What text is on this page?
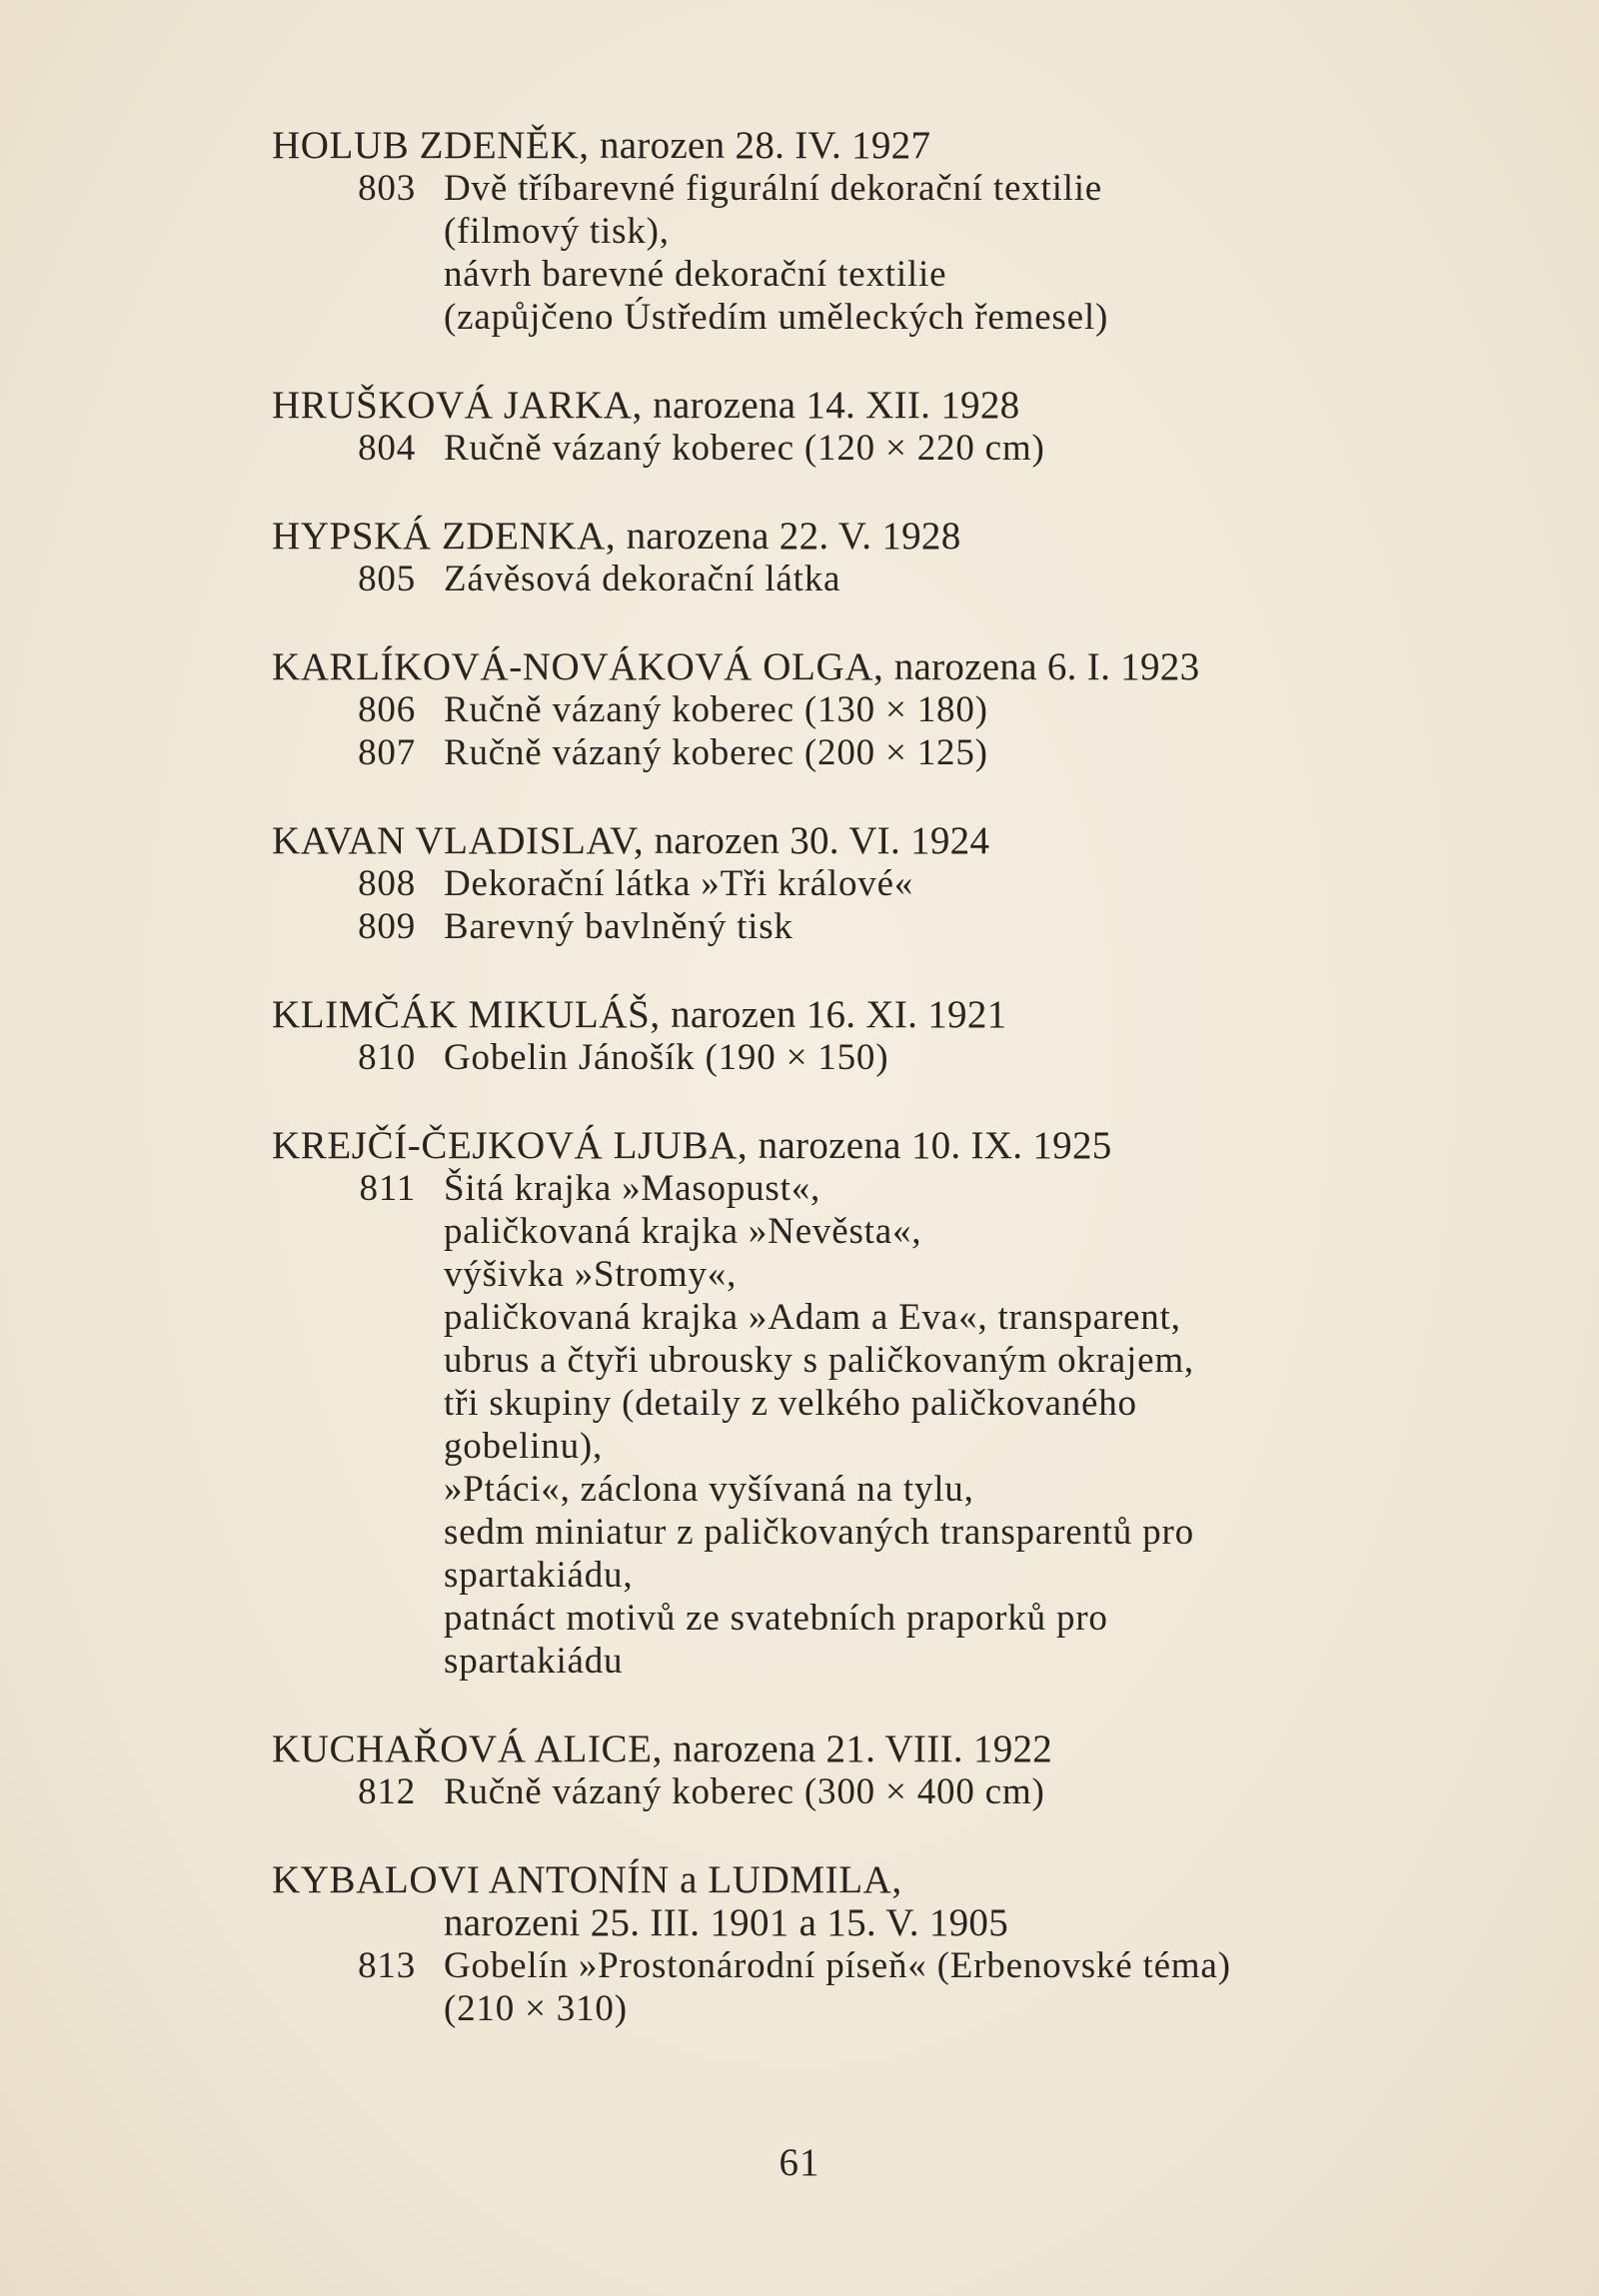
HOLUB ZDENĚK, narozen 28. IV. 1927
803 Dvě tříbarevné figurální dekorační textilie
(filmový tisk),
návrh barevné dekorační textilie
(zapůjčeno Ústředím uměleckých řemesel)
HRUŠKOVÁ JARKA, narozena 14. XII. 1928
804 Ručně vázaný koberec (120 × 220 cm)
HYPSKÁ ZDENKA, narozena 22. V. 1928
805 Závěsová dekorační látka
KARLÍKOVÁ-NOVÁKOVÁ OLGA, narozena 6. I. 1923
806 Ručně vázaný koberec (130 × 180)
807 Ručně vázaný koberec (200 × 125)
KAVAN VLADISLAV, narozen 30. VI. 1924
808 Dekorační látka »Tři králové«
809 Barevný bavlněný tisk
KLIMČÁK MIKULÁŠ, narozen 16. XI. 1921
810 Gobelin Jánošík (190 × 150)
KREJČÍ-ČEJKOVÁ LJUBA, narozena 10. IX. 1925
811 Šitá krajka »Masopust«,
paličkovaná krajka »Nevěsta«,
výšivka »Stromy«,
paličkovaná krajka »Adam a Eva«, transparent,
ubrus a čtyři ubrousky s paličkovaným okrajem,
tři skupiny (detaily z velkého paličkovaného
gobelinu),
»Ptáci«, záclona vyšívaná na tylu,
sedm miniatur z paličkovaných transparentů pro
spartakiádu,
patnáct motivů ze svatebních praporků pro
spartakiádu
KUCHAŘOVÁ ALICE, narozena 21. VIII. 1922
812 Ručně vázaný koberec (300 × 400 cm)
KYBALOVI ANTONÍN a LUDMILA,
narozeni 25. III. 1901 a 15. V. 1905
813 Gobelín »Prostonárodní píseň« (Erbenovské téma)
(210 × 310)
61
